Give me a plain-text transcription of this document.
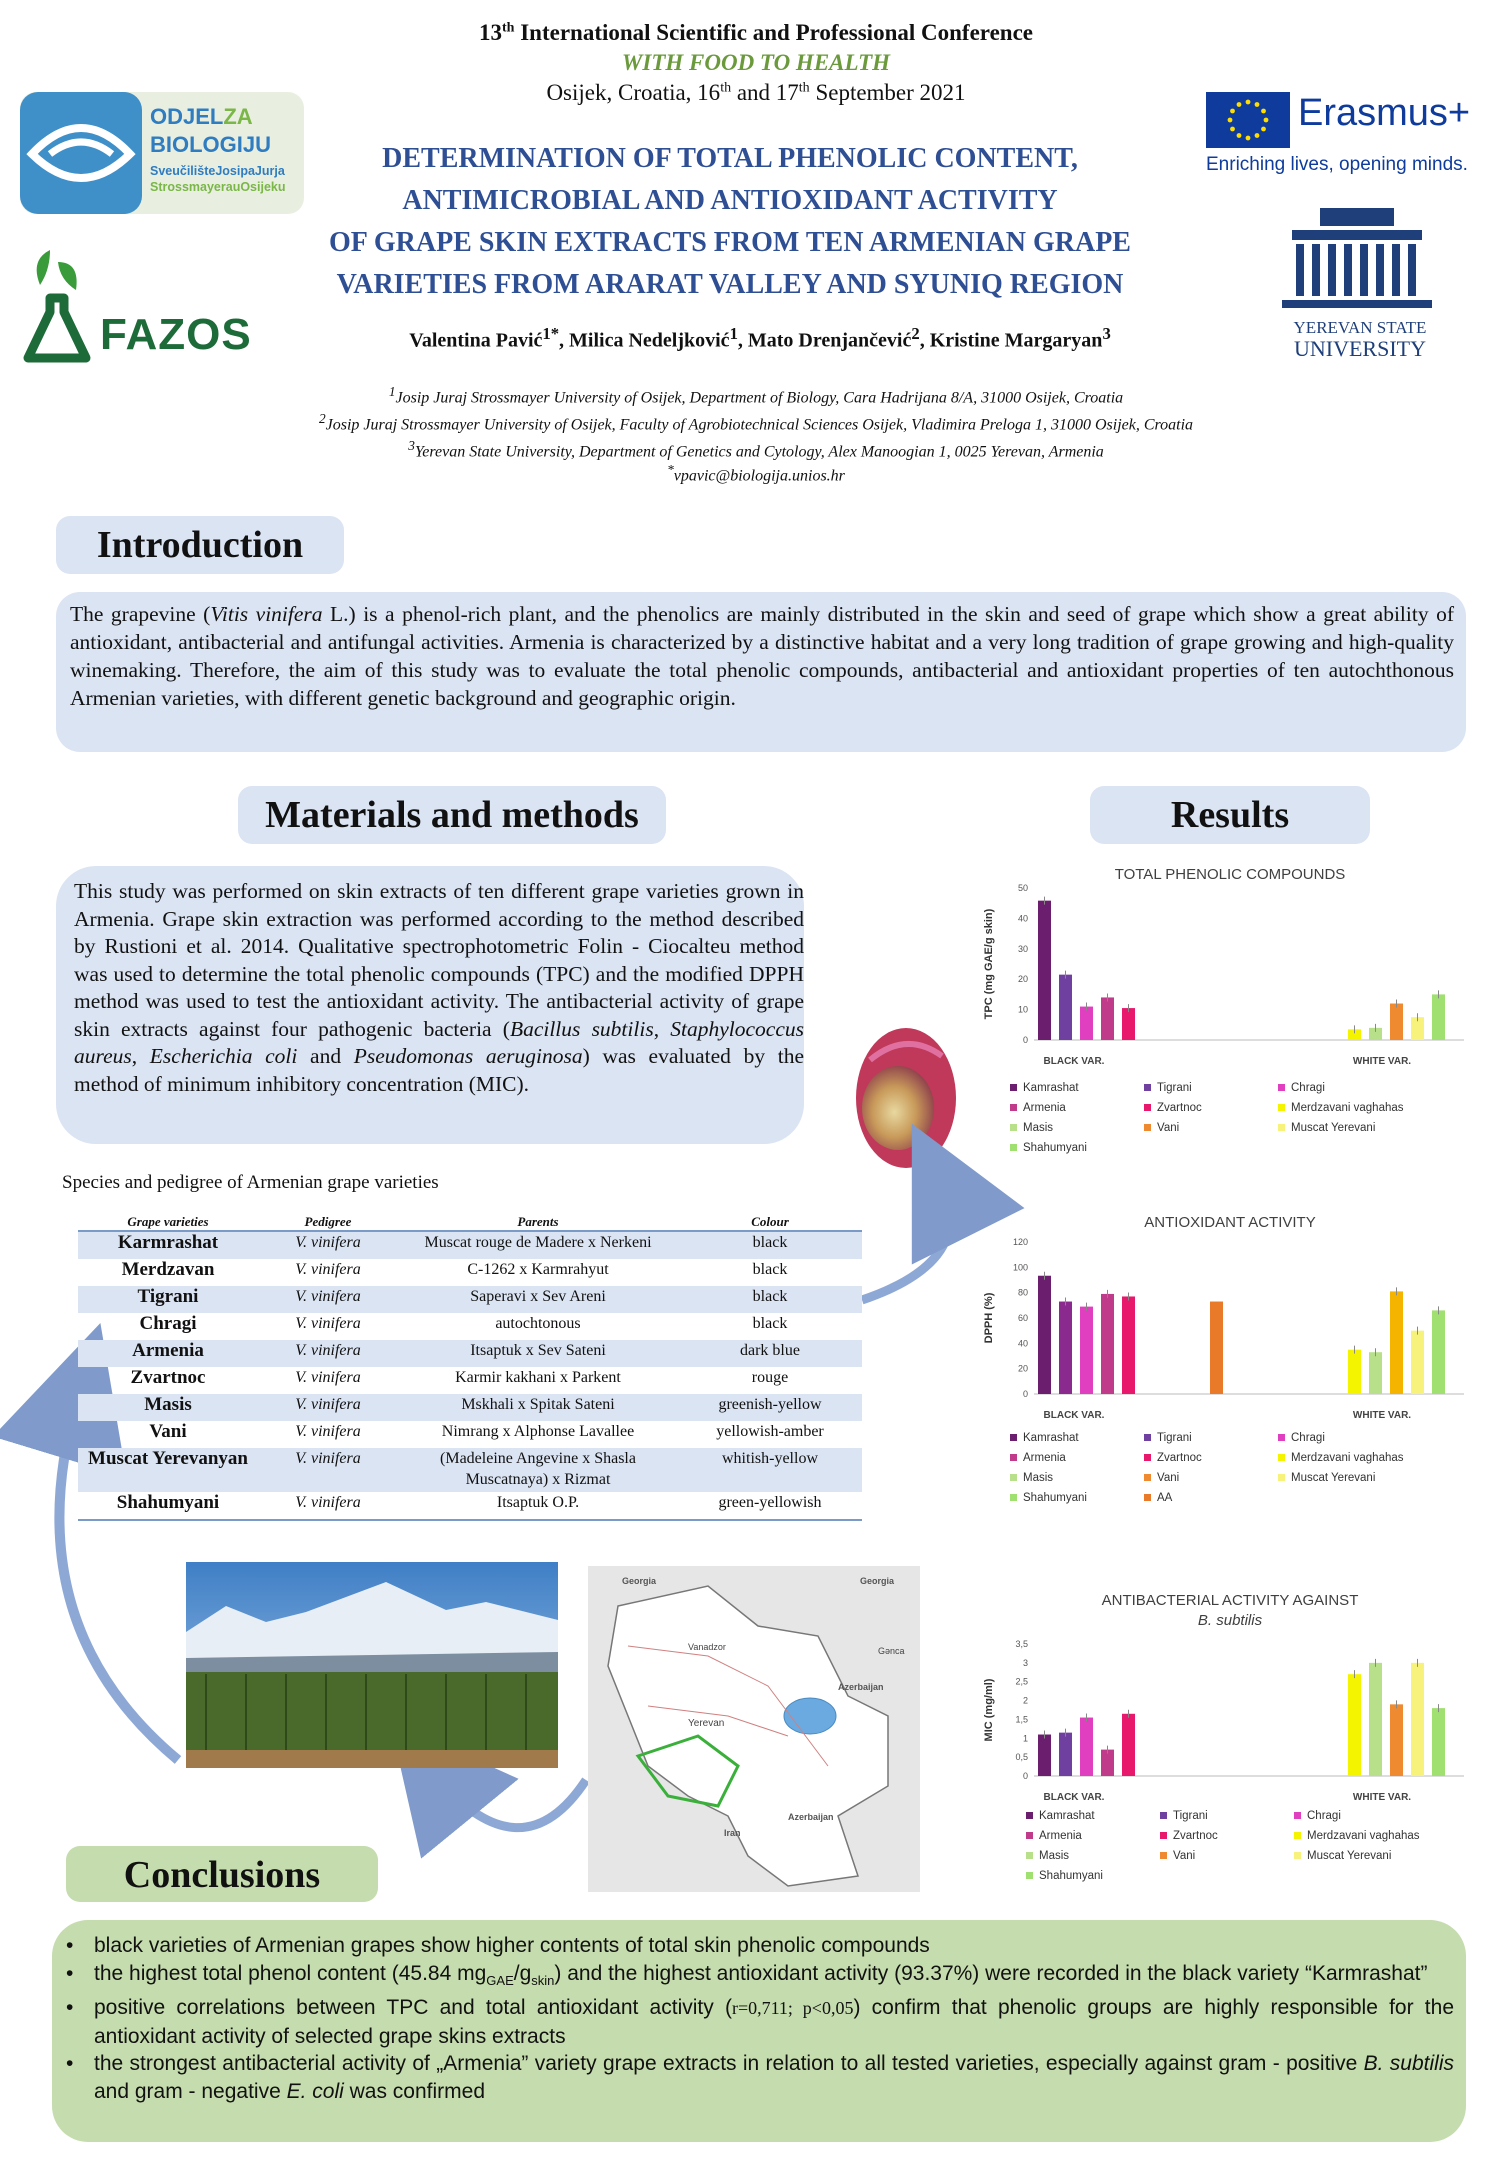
13th International Scientific and Professional Conference
WITH FOOD TO HEALTH
Osijek, Croatia, 16th and 17th September 2021
DETERMINATION OF TOTAL PHENOLIC CONTENT,
ANTIMICROBIAL AND ANTIOXIDANT ACTIVITY
OF GRAPE SKIN EXTRACTS FROM TEN ARMENIAN GRAPE
VARIETIES FROM ARARAT VALLEY AND SYUNIQ REGION
Valentina Pavić$^{1*}$, Milica Nedeljković$^1$, Mato Drenjančević$^2$, Kristine Margaryan$^3$
$^1$Josip Juraj Strossmayer University of Osijek, Department of Biology, Cara Hadrijana 8/A, 31000 Osijek, Croatia
$^2$Josip Juraj Strossmayer University of Osijek, Faculty of Agrobiotechnical Sciences Osijek, Vladimira Preloga 1, 31000 Osijek, Croatia
$^3$Yerevan State University, Department of Genetics and Cytology, Alex Manoogian 1, 0025 Yerevan, Armenia
*vpavic@biologija.unios.hr
ODJELZA
BIOLOGIJU
SveučilišteJosipaJurja
StrossmayerauOsijeku
FAZOS
Erasmus+
Enriching lives, opening minds.
YEREVAN STATE
UNIVERSITY
Introduction
The grapevine (Vitis vinifera L.) is a phenol-rich plant, and the phenolics are mainly distributed in the skin and seed of grape which show a great ability of antioxidant, antibacterial and antifungal activities. Armenia is characterized by a distinctive habitat and a very long tradition of grape growing and high-quality winemaking. Therefore, the aim of this study was to evaluate the total phenolic compounds, antibacterial and antioxidant properties of ten autochthonous Armenian varieties, with different genetic background and geographic origin.
Materials and methods
This study was performed on skin extracts of ten different grape varieties grown in Armenia. Grape skin extraction was performed according to the method described by Rustioni et al. 2014. Qualitative spectrophotometric Folin - Ciocalteu method was used to determine the total phenolic compounds (TPC) and the modified DPPH method was used to test the antioxidant activity. The antibacterial activity of grape skin extracts against four pathogenic bacteria (Bacillus subtilis, Staphylococcus aureus, Escherichia coli and Pseudomonas aeruginosa) was evaluated by the method of minimum inhibitory concentration (MIC).
Species and pedigree of Armenian grape varieties
Grape varieties	Pedigree	Parents	Colour
Karmrashat	V. vinifera	Muscat rouge de Madere x Nerkeni	black
Merdzavan	V. vinifera	C-1262 x Karmrahyut	black
Tigrani	V. vinifera	Saperavi x Sev Areni	black
Chragi	V. vinifera	autochtonous	black
Armenia	V. vinifera	Itsaptuk x Sev Sateni	dark blue
Zvartnoc	V. vinifera	Karmir kakhani x Parkent	rouge
Masis	V. vinifera	Mskhali x Spitak Sateni	greenish-yellow
Vani	V. vinifera	Nimrang x Alphonse Lavallee	yellowish-amber
Muscat Yerevanyan	V. vinifera	(Madeleine Angevine x Shasla Muscatnaya) x Rizmat	whitish-yellow
Shahumyani	V. vinifera	Itsaptuk O.P.	green-yellowish
Georgia	Georgia
Azerbaijan
Azerbaijan
Iran
Yerevan
Gənca
Vanadzor
Results
TOTAL PHENOLIC COMPOUNDS
0
10
20
30
40
50
TPC (mg GAE/g skin)
BLACK VAR.	WHITE VAR.
Kamrashat	Tigrani	Chragi
Armenia	Zvartnoc	Merdzavani vaghahas
Masis	Vani	Muscat Yerevani
Shahumyani
ANTIOXIDANT ACTIVITY
0
20
40
60
80
100
120
DPPH (%)
BLACK VAR.	WHITE VAR.
Kamrashat	Tigrani	Chragi
Armenia	Zvartnoc	Merdzavani vaghahas
Masis	Vani	Muscat Yerevani
Shahumyani	AA
ANTIBACTERIAL ACTIVITY AGAINST
B. subtilis
0
0,5
1
1,5
2
2,5
3
3,5
MIC (mg/ml)
BLACK VAR.	WHITE VAR.
Kamrashat	Tigrani	Chragi
Armenia	Zvartnoc	Merdzavani vaghahas
Masis	Vani	Muscat Yerevani
Shahumyani
Conclusions
• black varieties of Armenian grapes show higher contents of total skin phenolic compounds
• the highest total phenol content (45.84 $mg_{GAE}/g_{skin}$) and the highest antioxidant activity (93.37%) were recorded in the black variety “Karmrashat”
• positive correlations between TPC and total antioxidant activity (r=0,711; p<0,05) confirm that phenolic groups are highly responsible for the antioxidant activity of selected grape skins extracts
• the strongest antibacterial activity of „Armenia” variety grape extracts in relation to all tested varieties, especially against gram - positive B. subtilis and gram - negative E. coli was confirmed
